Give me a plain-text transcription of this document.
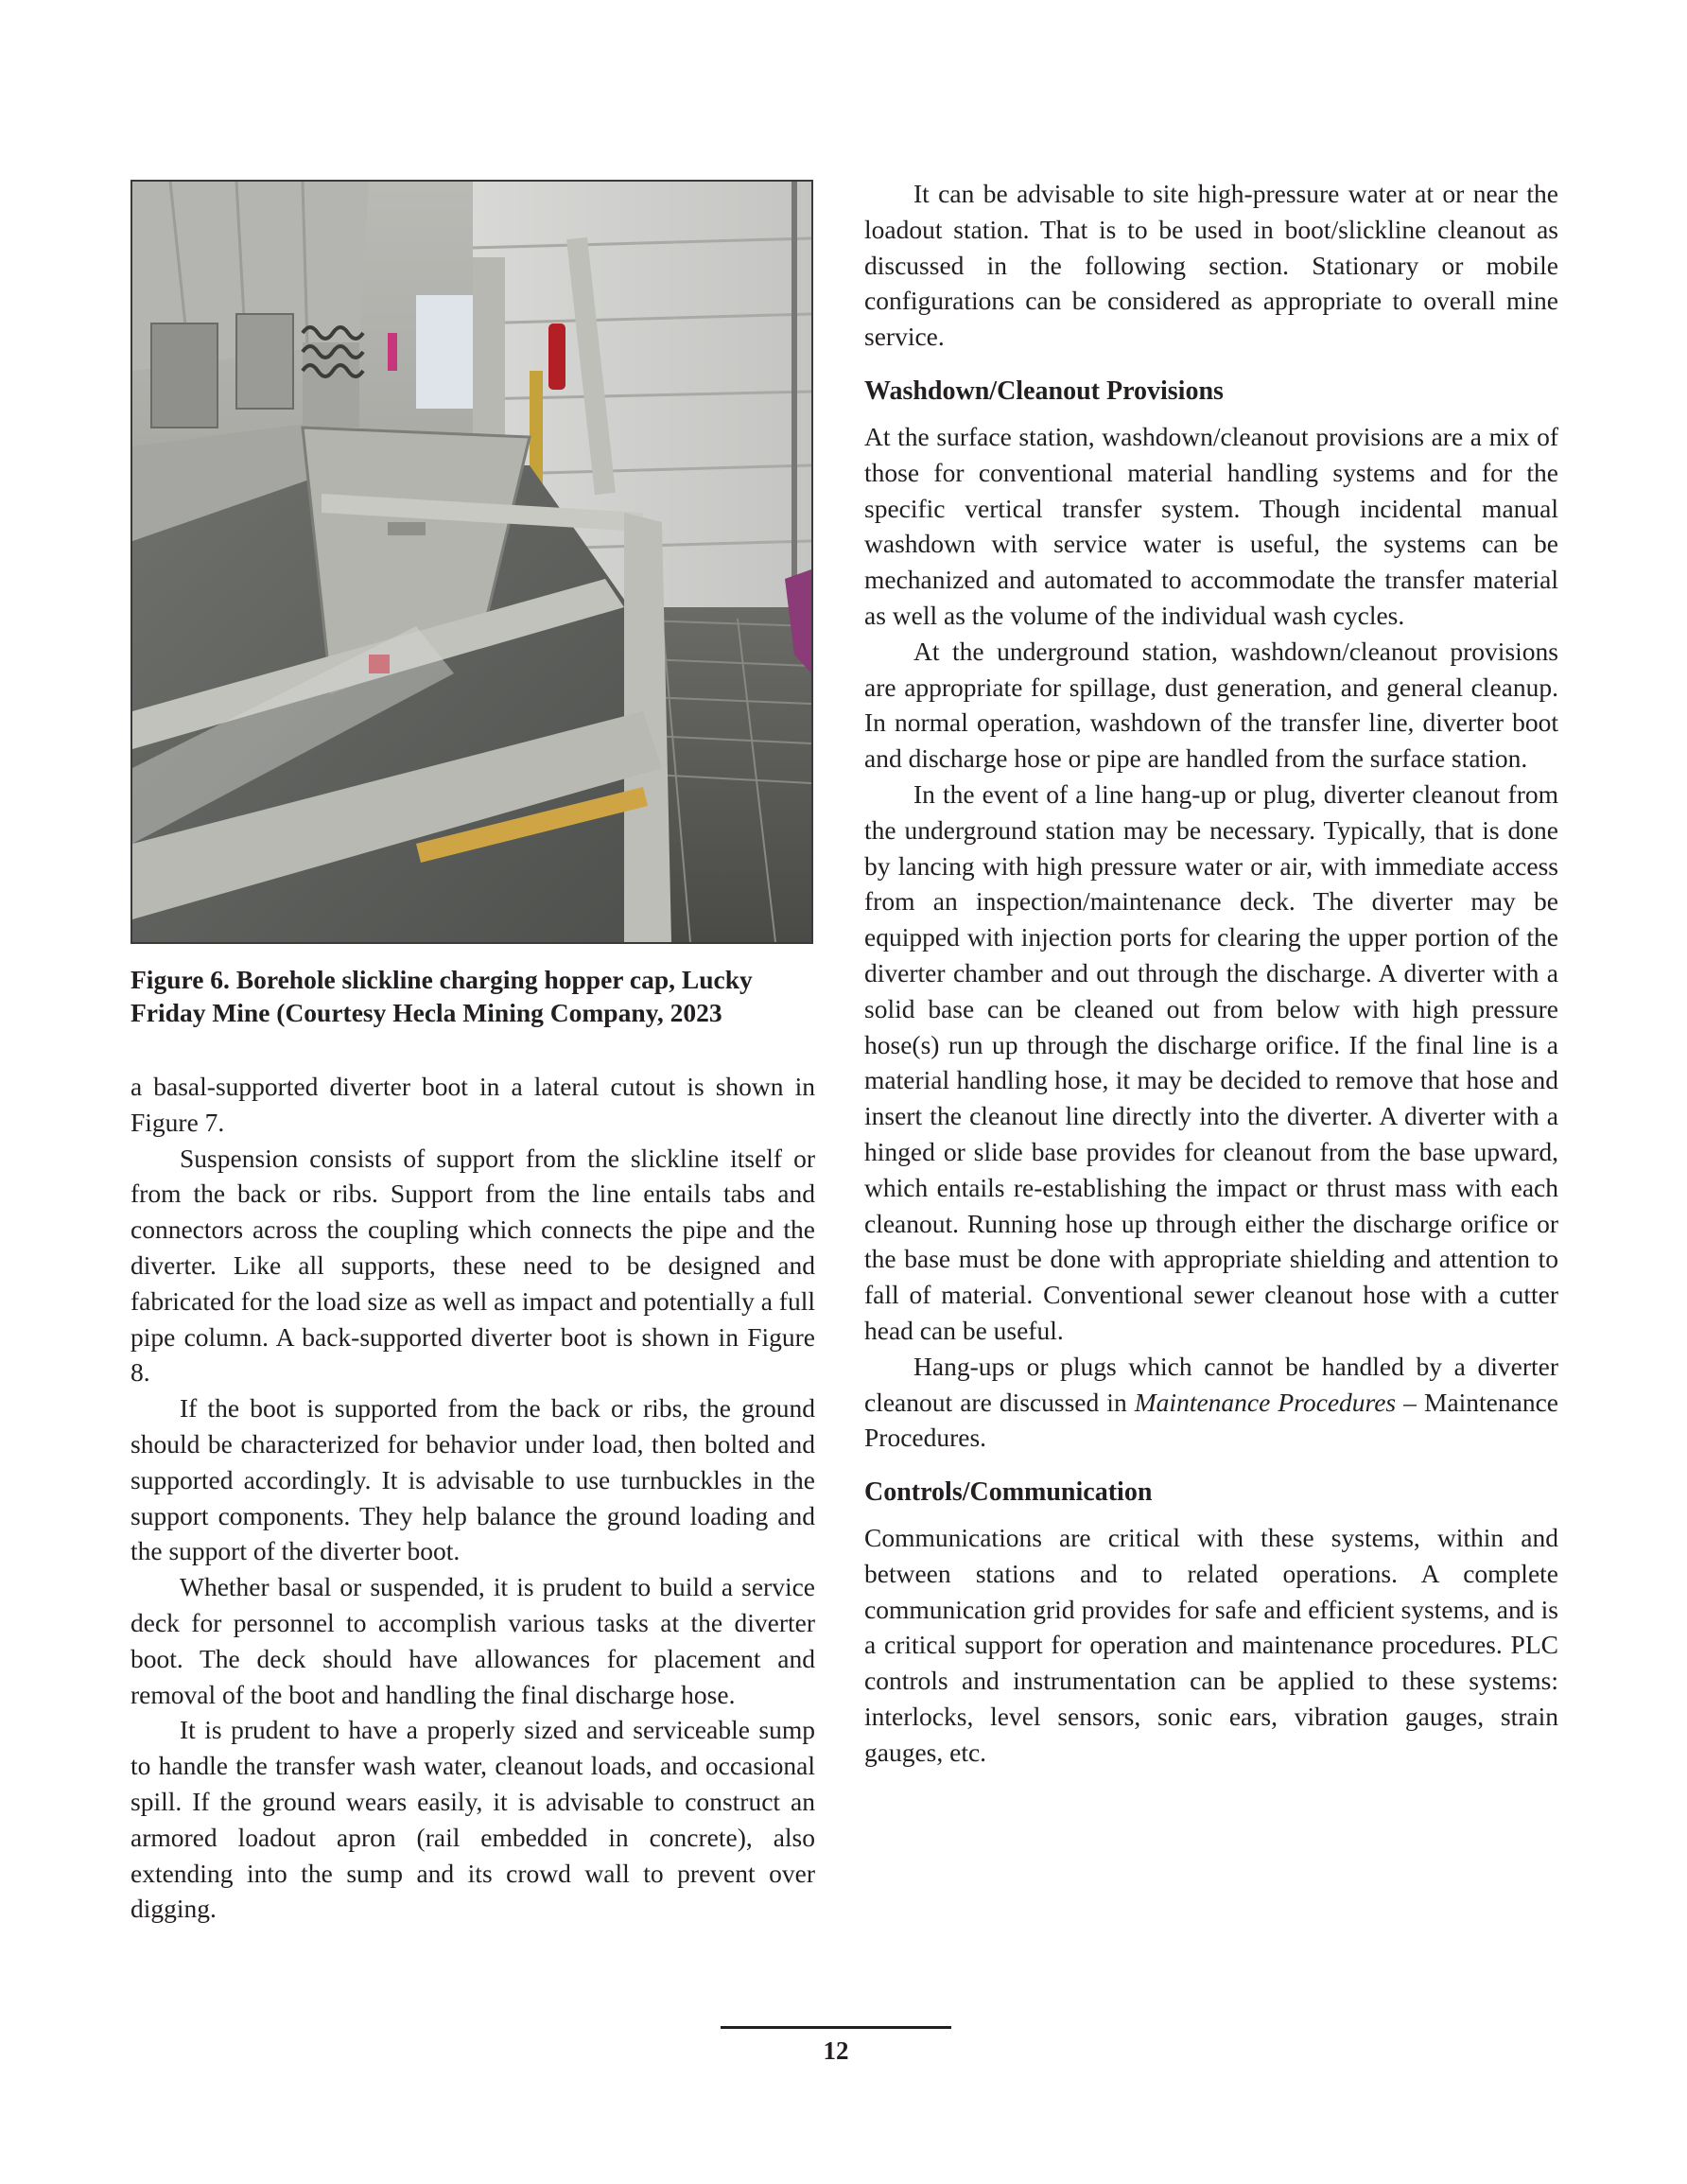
Figure 6. Borehole slickline charging hopper cap, Lucky Friday Mine (Courtesy Hecla Mining Company, 2023

a basal-supported diverter boot in a lateral cutout is shown in Figure 7.

Suspension consists of support from the slickline itself or from the back or ribs. Support from the line entails tabs and connectors across the coupling which connects the pipe and the diverter. Like all supports, these need to be designed and fabricated for the load size as well as impact and potentially a full pipe column. A back-supported diverter boot is shown in Figure 8.

If the boot is supported from the back or ribs, the ground should be characterized for behavior under load, then bolted and supported accordingly. It is advisable to use turnbuckles in the support components. They help balance the ground loading and the support of the diverter boot.

Whether basal or suspended, it is prudent to build a service deck for personnel to accomplish various tasks at the diverter boot. The deck should have allowances for placement and removal of the boot and handling the final discharge hose.

It is prudent to have a properly sized and serviceable sump to handle the transfer wash water, cleanout loads, and occasional spill. If the ground wears easily, it is advisable to construct an armored loadout apron (rail embedded in concrete), also extending into the sump and its crowd wall to prevent over digging.

It can be advisable to site high-pressure water at or near the loadout station. That is to be used in boot/slickline cleanout as discussed in the following section. Stationary or mobile configurations can be considered as appropriate to overall mine service.

Washdown/Cleanout Provisions

At the surface station, washdown/cleanout provisions are a mix of those for conventional material handling systems and for the specific vertical transfer system. Though incidental manual washdown with service water is useful, the systems can be mechanized and automated to accommodate the transfer material as well as the volume of the individual wash cycles.

At the underground station, washdown/cleanout provisions are appropriate for spillage, dust generation, and general cleanup. In normal operation, washdown of the transfer line, diverter boot and discharge hose or pipe are handled from the surface station.

In the event of a line hang-up or plug, diverter cleanout from the underground station may be necessary. Typically, that is done by lancing with high pressure water or air, with immediate access from an inspection/maintenance deck. The diverter may be equipped with injection ports for clearing the upper portion of the diverter chamber and out through the discharge. A diverter with a solid base can be cleaned out from below with high pressure hose(s) run up through the discharge orifice. If the final line is a material handling hose, it may be decided to remove that hose and insert the cleanout line directly into the diverter. A diverter with a hinged or slide base provides for cleanout from the base upward, which entails re-establishing the impact or thrust mass with each cleanout. Running hose up through either the discharge orifice or the base must be done with appropriate shielding and attention to fall of material. Conventional sewer cleanout hose with a cutter head can be useful.

Hang-ups or plugs which cannot be handled by a diverter cleanout are discussed in Maintenance Procedures – Maintenance Procedures.

Controls/Communication

Communications are critical with these systems, within and between stations and to related operations. A complete communication grid provides for safe and efficient systems, and is a critical support for operation and maintenance procedures. PLC controls and instrumentation can be applied to these systems: interlocks, level sensors, sonic ears, vibration gauges, strain gauges, etc.

12
